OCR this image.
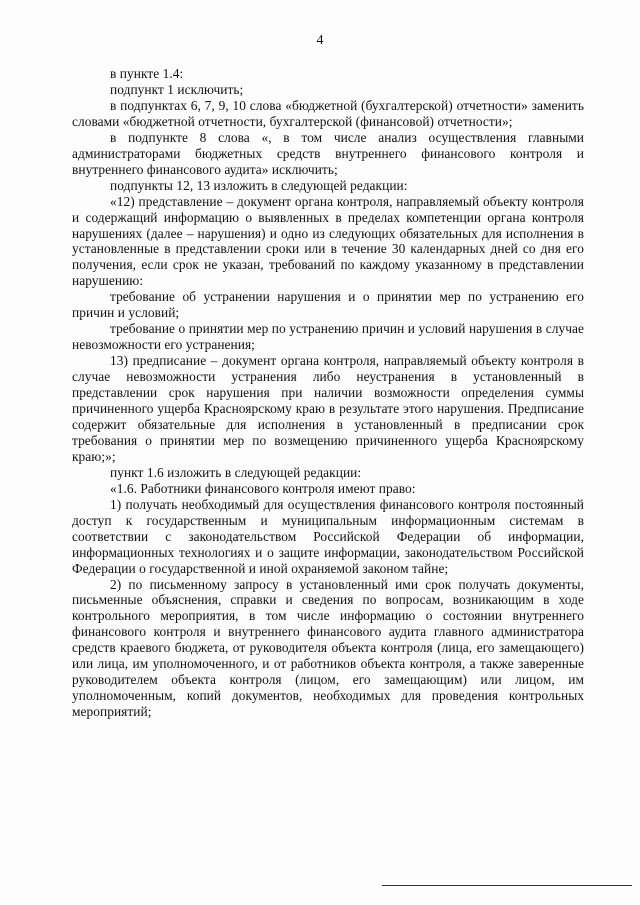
4

в пункте 1.4:

подпункт 1 исключить;

в подпунктах 6, 7, 9, 10 слова «бюджетной (бухгалтерской) отчетности» заменить словами «бюджетной отчетности, бухгалтерской (финансовой) отчетности»;

в подпункте 8 слова «, в том числе анализ осуществления главными администраторами бюджетных средств внутреннего финансового контроля и внутреннего финансового аудита» исключить;

подпункты 12, 13 изложить в следующей редакции:

«12) представление – документ органа контроля, направляемый объекту контроля и содержащий информацию о выявленных в пределах компетенции органа контроля нарушениях (далее – нарушения) и одно из следующих обязательных для исполнения в установленные в представлении сроки или в течение 30 календарных дней со дня его получения, если срок не указан, требований по каждому указанному в представлении нарушению:

требование об устранении нарушения и о принятии мер по устранению его причин и условий;

требование о принятии мер по устранению причин и условий нарушения в случае невозможности его устранения;

13) предписание – документ органа контроля, направляемый объекту контроля в случае невозможности устранения либо неустранения в установленный в представлении срок нарушения при наличии возможности определения суммы причиненного ущерба Красноярскому краю в результате этого нарушения. Предписание содержит обязательные для исполнения в установленный в предписании срок требования о принятии мер по возмещению причиненного ущерба Красноярскому краю;»;

пункт 1.6 изложить в следующей редакции:

«1.6. Работники финансового контроля имеют право:

1) получать необходимый для осуществления финансового контроля постоянный доступ к государственным и муниципальным информационным системам в соответствии с законодательством Российской Федерации об информации, информационных технологиях и о защите информации, законодательством Российской Федерации о государственной и иной охраняемой законом тайне;

2) по письменному запросу в установленный ими срок получать документы, письменные объяснения, справки и сведения по вопросам, возникающим в ходе контрольного мероприятия, в том числе информацию о состоянии внутреннего финансового контроля и внутреннего финансового аудита главного администратора средств краевого бюджета, от руководителя объекта контроля (лица, его замещающего) или лица, им уполномоченного, и от работников объекта контроля, а также заверенные руководителем объекта контроля (лицом, его замещающим) или лицом, им уполномоченным, копий документов, необходимых для проведения контрольных мероприятий;
